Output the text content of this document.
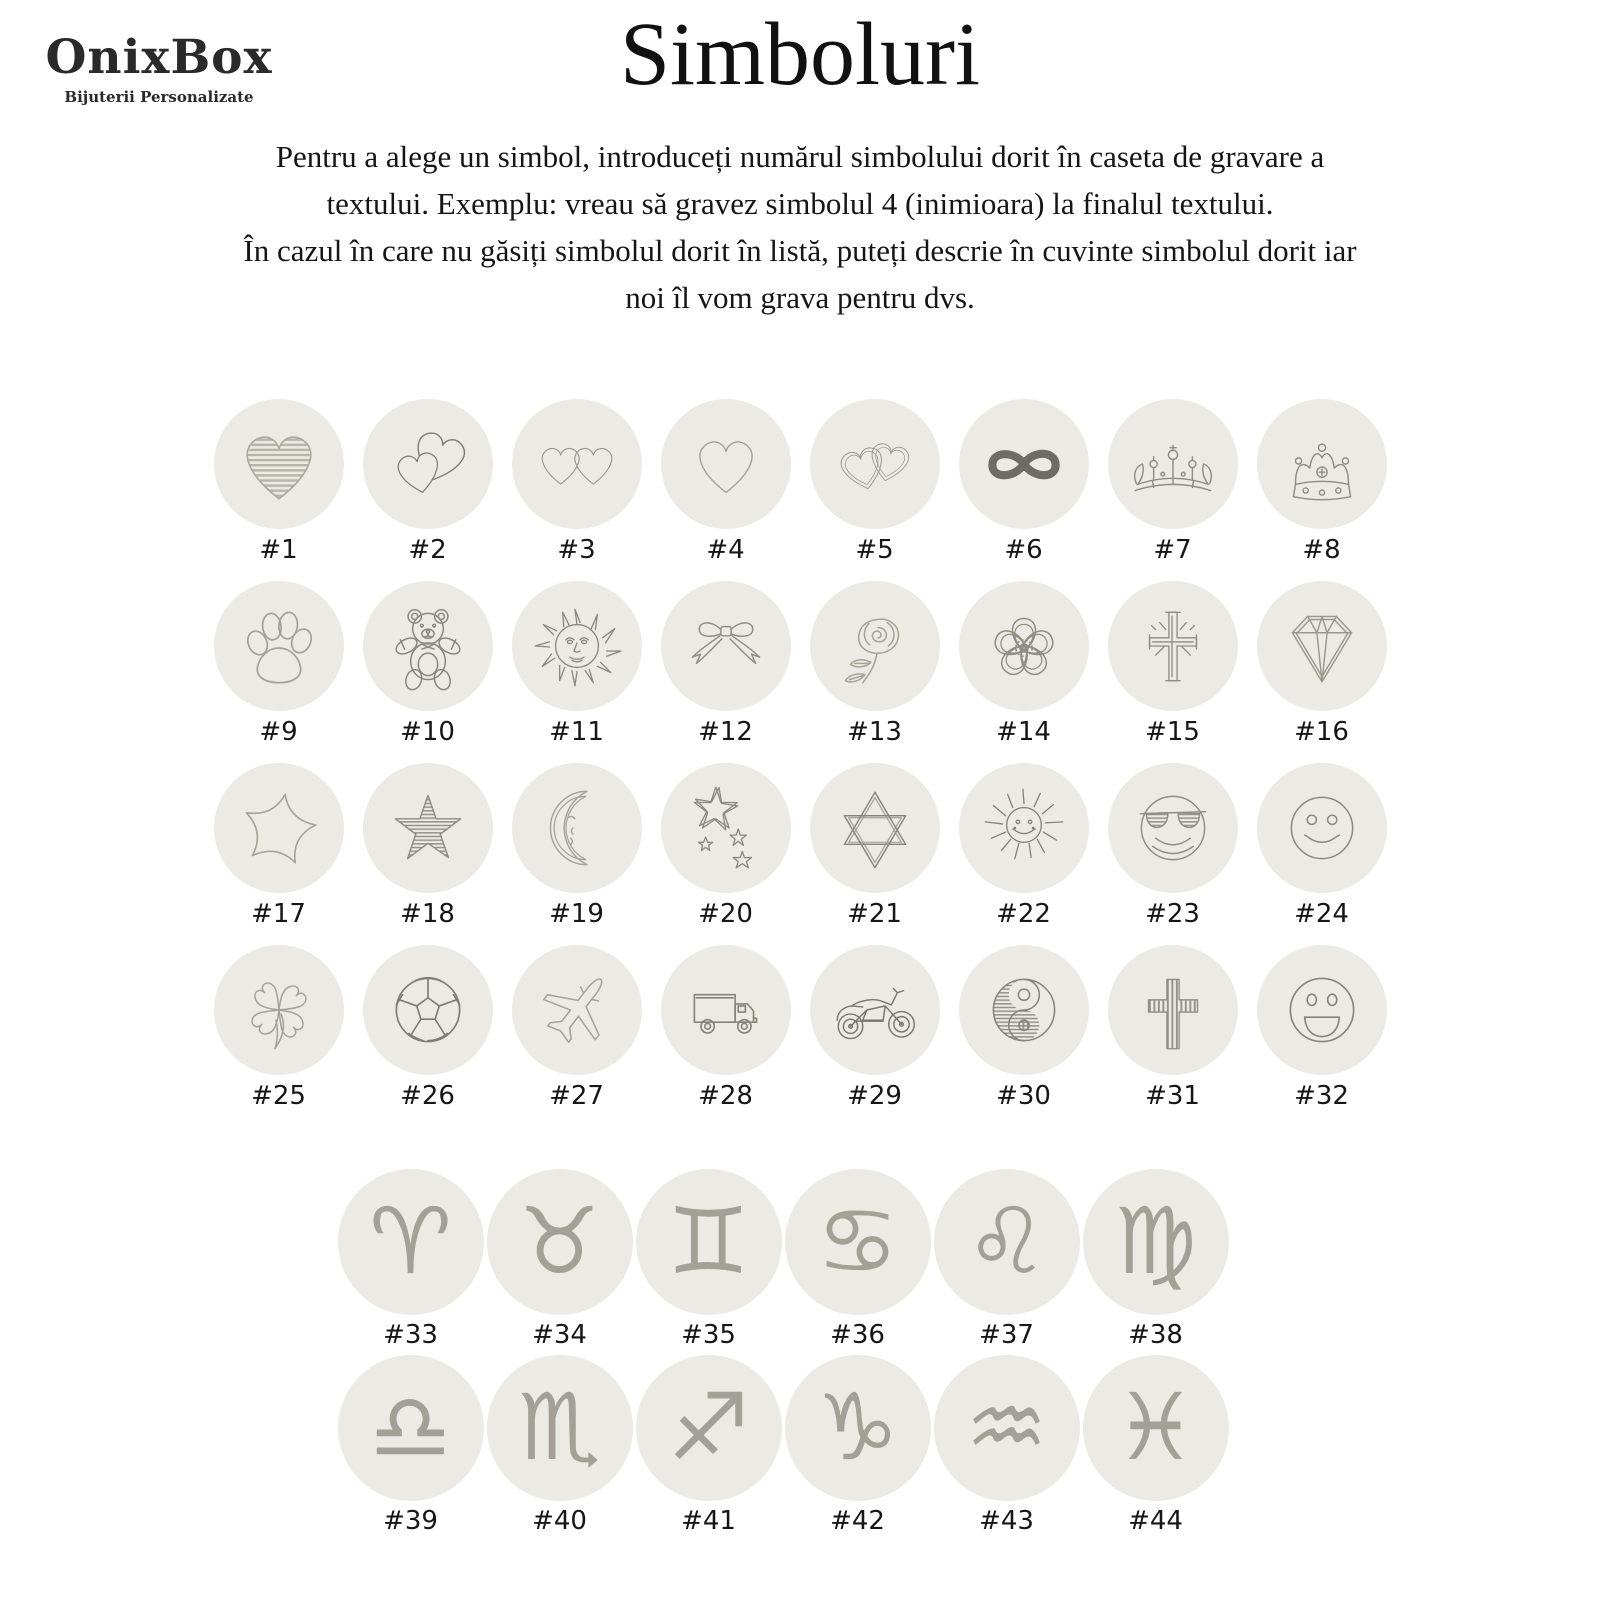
OnixBox
Bijuterii Personalizate	Simboluri
Pentru a alege un simbol, introduceți numărul simbolului dorit în caseta de gravare a
textului. Exemplu: vreau să gravez simbolul 4 (inimioara) la finalul textului.
În cazul în care nu găsiți simbolul dorit în listă, puteți descrie în cuvinte simbolul dorit iar
noi îl vom grava pentru dvs.
#1	#2	#3	#4	#5	#6	#7	#8
#9	#10	#11	#12	#13	#14	#15	#16
#17	#18	#19	#20	#21	#22	#23	#24
#25	#26	#27	#28	#29	#30	#31	#32
♈
#33
♉
#34
♊
#35
♋
#36
♌
#37
♍
#38
♎
#39
♏
#40
♐
#41
♑
#42
♒
#43
♓
#44
